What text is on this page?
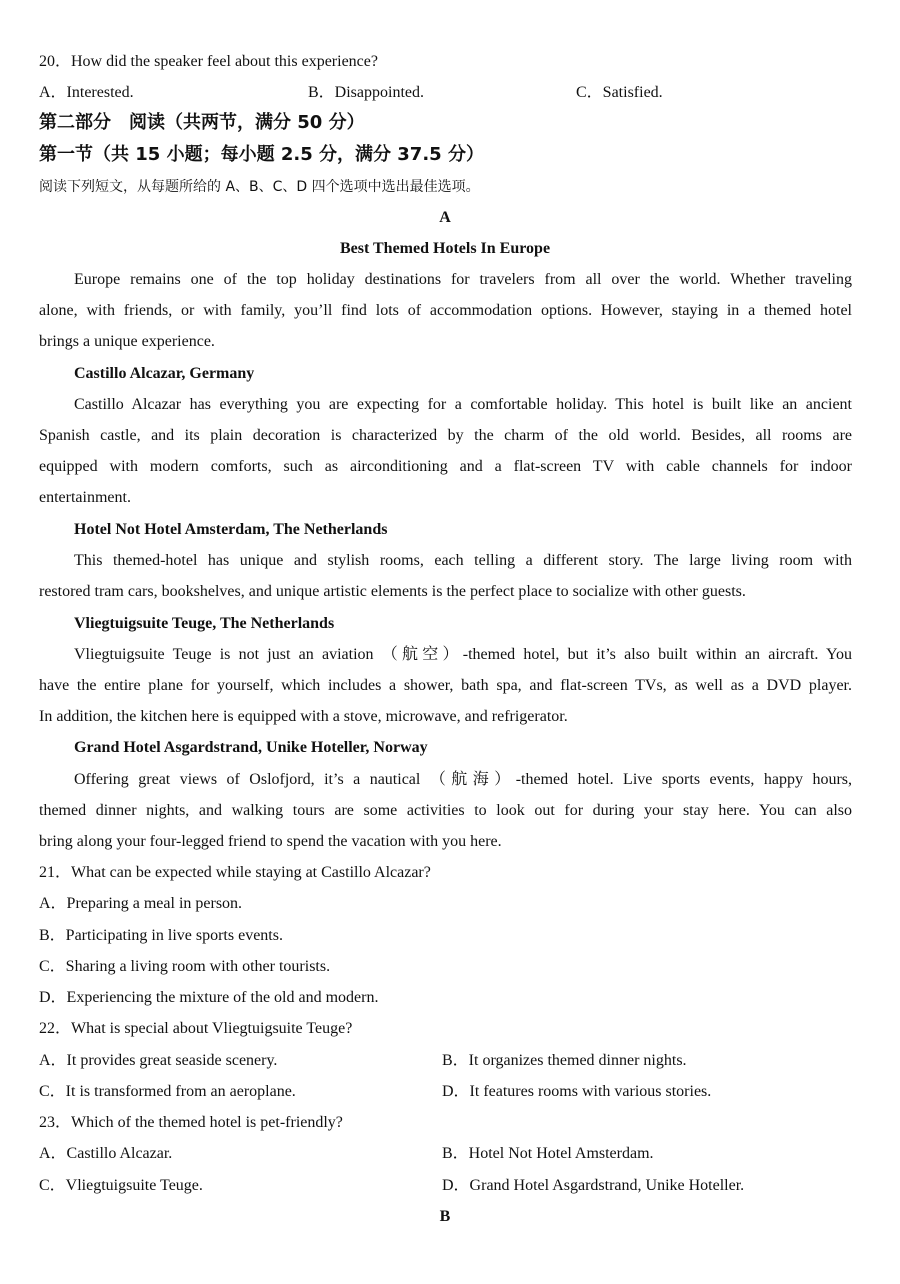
20．How did the speaker feel about this experience?
A．Interested.	B．Disappointed.	C．Satisfied.
第二部分　阅读（共两节，满分 50 分）
第一节（共 15 小题；每小题 2.5 分，满分 37.5 分）
阅读下列短文，从每题所给的 A、B、C、D 四个选项中选出最佳选项。
A
Best Themed Hotels In Europe
Europe remains one of the top holiday destinations for travelers from all over the world. Whether traveling
alone, with friends, or with family, you’ll find lots of accommodation options. However, staying in a themed hotel
brings a unique experience.
Castillo Alcazar, Germany
Castillo Alcazar has everything you are expecting for a comfortable holiday. This hotel is built like an ancient
Spanish castle, and its plain decoration is characterized by the charm of the old world. Besides, all rooms are
equipped with modern comforts, such as airconditioning and a flat-screen TV with cable channels for indoor
entertainment.
Hotel Not Hotel Amsterdam, The Netherlands
This themed-hotel has unique and stylish rooms, each telling a different story. The large living room with
restored tram cars, bookshelves, and unique artistic elements is the perfect place to socialize with other guests.
Vliegtuigsuite Teuge, The Netherlands
Vliegtuigsuite Teuge is not just an aviation （航空）-themed hotel, but it’s also built within an aircraft. You
have the entire plane for yourself, which includes a shower, bath spa, and flat-screen TVs, as well as a DVD player.
In addition, the kitchen here is equipped with a stove, microwave, and refrigerator.
Grand Hotel Asgardstrand, Unike Hoteller, Norway
Offering great views of Oslofjord, it’s a nautical （航海）-themed hotel. Live sports events, happy hours,
themed dinner nights, and walking tours are some activities to look out for during your stay here. You can also
bring along your four-legged friend to spend the vacation with you here.
21．What can be expected while staying at Castillo Alcazar?
A．Preparing a meal in person.
B．Participating in live sports events.
C．Sharing a living room with other tourists.
D．Experiencing the mixture of the old and modern.
22．What is special about Vliegtuigsuite Teuge?
A．It provides great seaside scenery.	B．It organizes themed dinner nights.
C．It is transformed from an aeroplane.	D．It features rooms with various stories.
23．Which of the themed hotel is pet-friendly?
A．Castillo Alcazar.	B．Hotel Not Hotel Amsterdam.
C．Vliegtuigsuite Teuge.	D．Grand Hotel Asgardstrand, Unike Hoteller.
B
